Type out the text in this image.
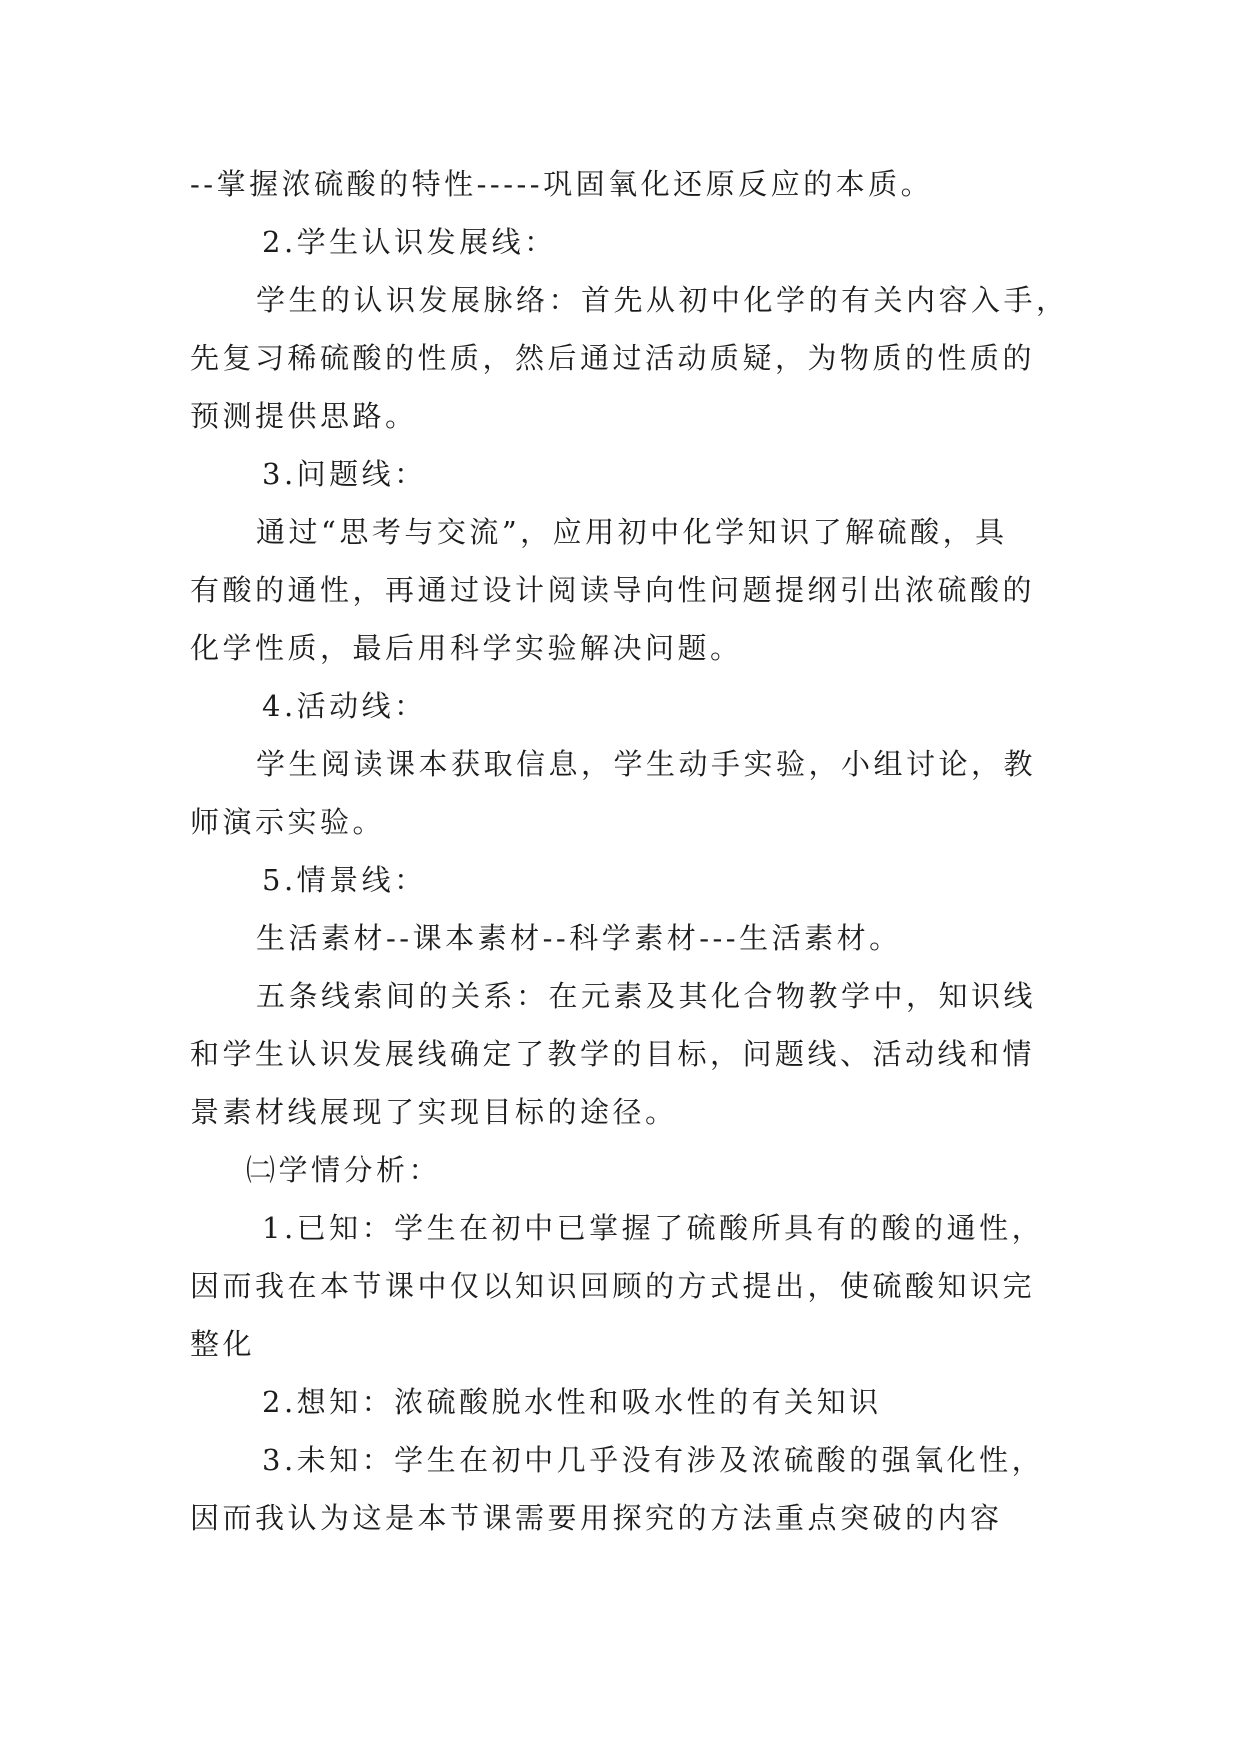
--掌握浓硫酸的特性-----巩固氧化还原反应的本质。
2.学生认识发展线：
学生的认识发展脉络：首先从初中化学的有关内容入手，
先复习稀硫酸的性质，然后通过活动质疑，为物质的性质的
预测提供思路。
3.问题线：
通过“思考与交流”，应用初中化学知识了解硫酸，具
有酸的通性，再通过设计阅读导向性问题提纲引出浓硫酸的
化学性质，最后用科学实验解决问题。
4.活动线：
学生阅读课本获取信息，学生动手实验，小组讨论，教
师演示实验。
5.情景线：
生活素材--课本素材--科学素材---生活素材。
五条线索间的关系：在元素及其化合物教学中，知识线
和学生认识发展线确定了教学的目标，问题线、活动线和情
景素材线展现了实现目标的途径。
㈡学情分析：
1.已知：学生在初中已掌握了硫酸所具有的酸的通性，
因而我在本节课中仅以知识回顾的方式提出，使硫酸知识完
整化
2.想知：浓硫酸脱水性和吸水性的有关知识
3.未知：学生在初中几乎没有涉及浓硫酸的强氧化性，
因而我认为这是本节课需要用探究的方法重点突破的内容
